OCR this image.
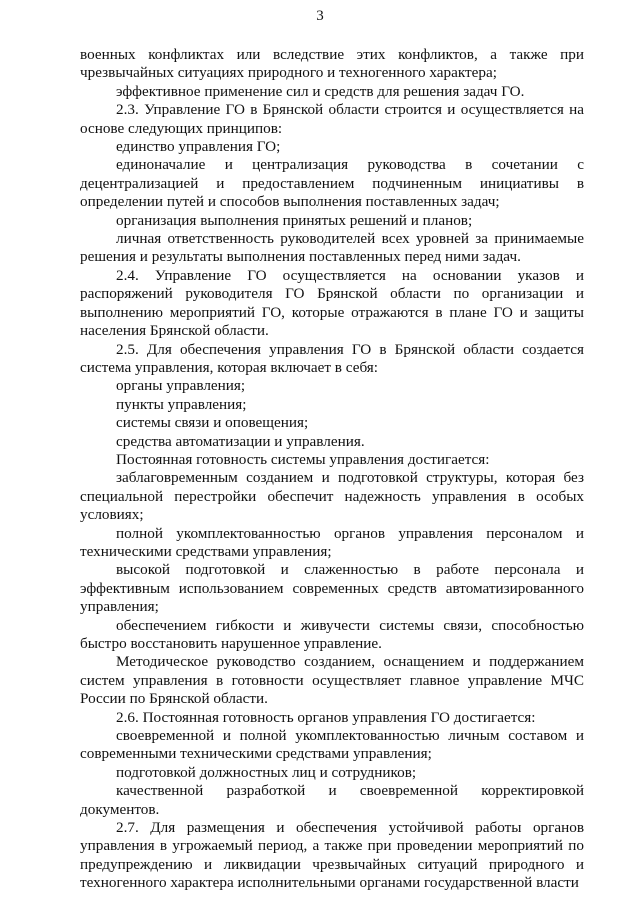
3

военных конфликтах или вследствие этих конфликтов, а также при чрезвычайных ситуациях природного и техногенного характера;

эффективное применение сил и средств для решения задач ГО.

2.3. Управление ГО в Брянской области строится и осуществляется на основе следующих принципов:

единство управления ГО;

единоначалие и централизация руководства в сочетании с децентрализацией и предоставлением подчиненным инициативы в определении путей и способов выполнения поставленных задач;

организация выполнения принятых решений и планов;

личная ответственность руководителей всех уровней за принимаемые решения и результаты выполнения поставленных перед ними задач.

2.4. Управление ГО осуществляется на основании указов и распоряжений руководителя ГО Брянской области по организации и выполнению мероприятий ГО, которые отражаются в плане ГО и защиты населения Брянской области.

2.5. Для обеспечения управления ГО в Брянской области создается система управления, которая включает в себя:

органы управления;

пункты управления;

системы связи и оповещения;

средства автоматизации и управления.

Постоянная готовность системы управления достигается:

заблаговременным созданием и подготовкой структуры, которая без специальной перестройки обеспечит надежность управления в особых условиях;

полной укомплектованностью органов управления персоналом и техническими средствами управления;

высокой подготовкой и слаженностью в работе персонала и эффективным использованием современных средств автоматизированного управления;

обеспечением гибкости и живучести системы связи, способностью быстро восстановить нарушенное управление.

Методическое руководство созданием, оснащением и поддержанием систем управления в готовности осуществляет главное управление МЧС России по Брянской области.

2.6. Постоянная готовность органов управления ГО достигается:

своевременной и полной укомплектованностью личным составом и современными техническими средствами управления;

подготовкой должностных лиц и сотрудников;

качественной разработкой и своевременной корректировкой документов.

2.7. Для размещения и обеспечения устойчивой работы органов управления в угрожаемый период, а также при проведении мероприятий по предупреждению и ликвидации чрезвычайных ситуаций природного и техногенного характера исполнительными органами государственной власти
